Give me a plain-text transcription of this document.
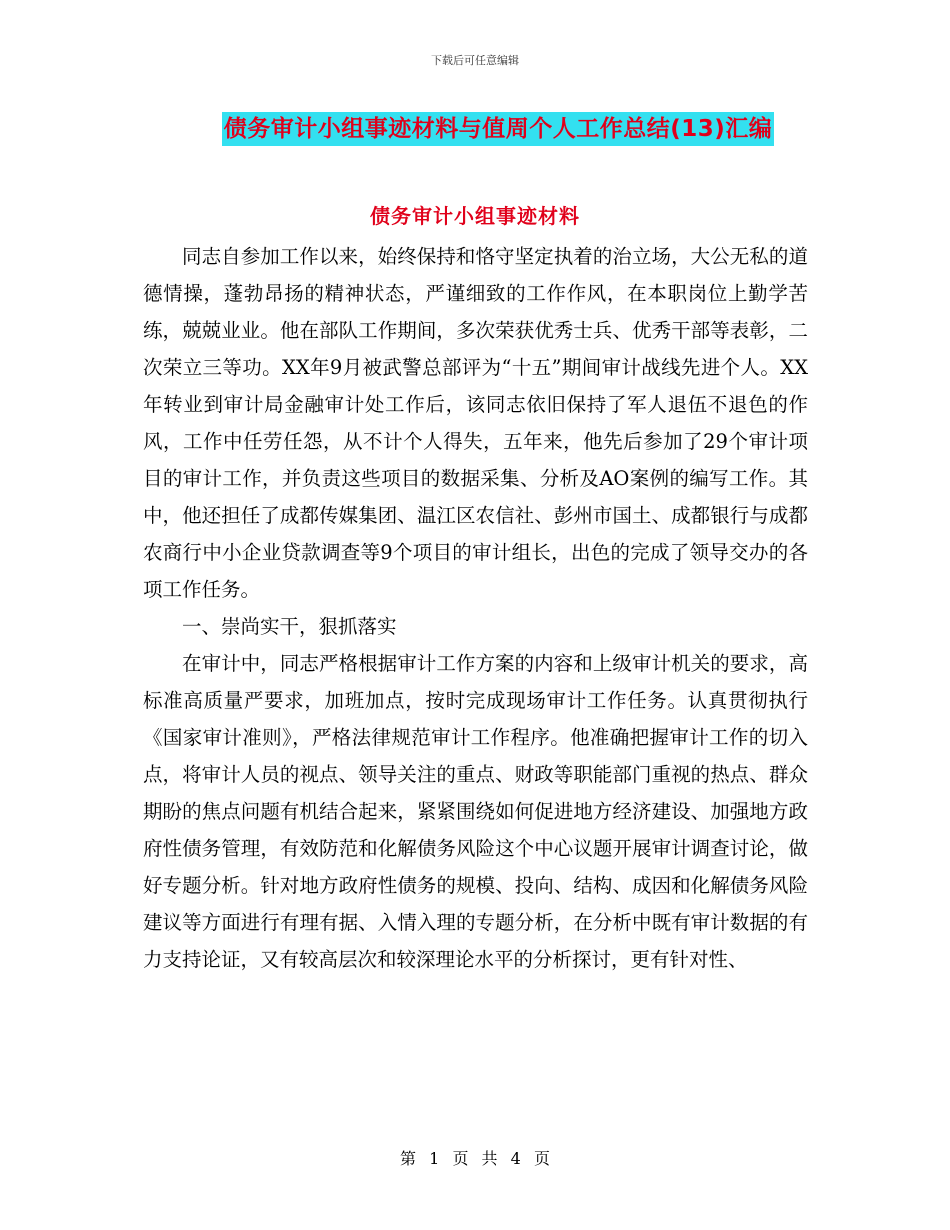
下载后可任意编辑
债务审计小组事迹材料与值周个人工作总结(13)汇编
债务审计小组事迹材料

同志自参加工作以来，始终保持和恪守坚定执着的治立场，大公无私的道德情操，蓬勃昂扬的精神状态，严谨细致的工作作风，在本职岗位上勤学苦练，兢兢业业。他在部队工作期间，多次荣获优秀士兵、优秀干部等表彰，二次荣立三等功。XX年9月被武警总部评为“十五”期间审计战线先进个人。XX年转业到审计局金融审计处工作后，该同志依旧保持了军人退伍不退色的作风，工作中任劳任怨，从不计个人得失，五年来，他先后参加了29个审计项目的审计工作，并负责这些项目的数据采集、分析及AO案例的编写工作。其中，他还担任了成都传媒集团、温江区农信社、彭州市国土、成都银行与成都农商行中小企业贷款调查等9个项目的审计组长，出色的完成了领导交办的各项工作任务。

一、崇尚实干，狠抓落实

在审计中，同志严格根据审计工作方案的内容和上级审计机关的要求，高标准高质量严要求，加班加点，按时完成现场审计工作任务。认真贯彻执行《国家审计准则》，严格法律规范审计工作程序。他准确把握审计工作的切入点，将审计人员的视点、领导关注的重点、财政等职能部门重视的热点、群众期盼的焦点问题有机结合起来，紧紧围绕如何促进地方经济建设、加强地方政府性债务管理，有效防范和化解债务风险这个中心议题开展审计调查讨论，做好专题分析。针对地方政府性债务的规模、投向、结构、成因和化解债务风险建议等方面进行有理有据、入情入理的专题分析，在分析中既有审计数据的有力支持论证，又有较高层次和较深理论水平的分析探讨，更有针对性、

第 1 页 共 4 页
